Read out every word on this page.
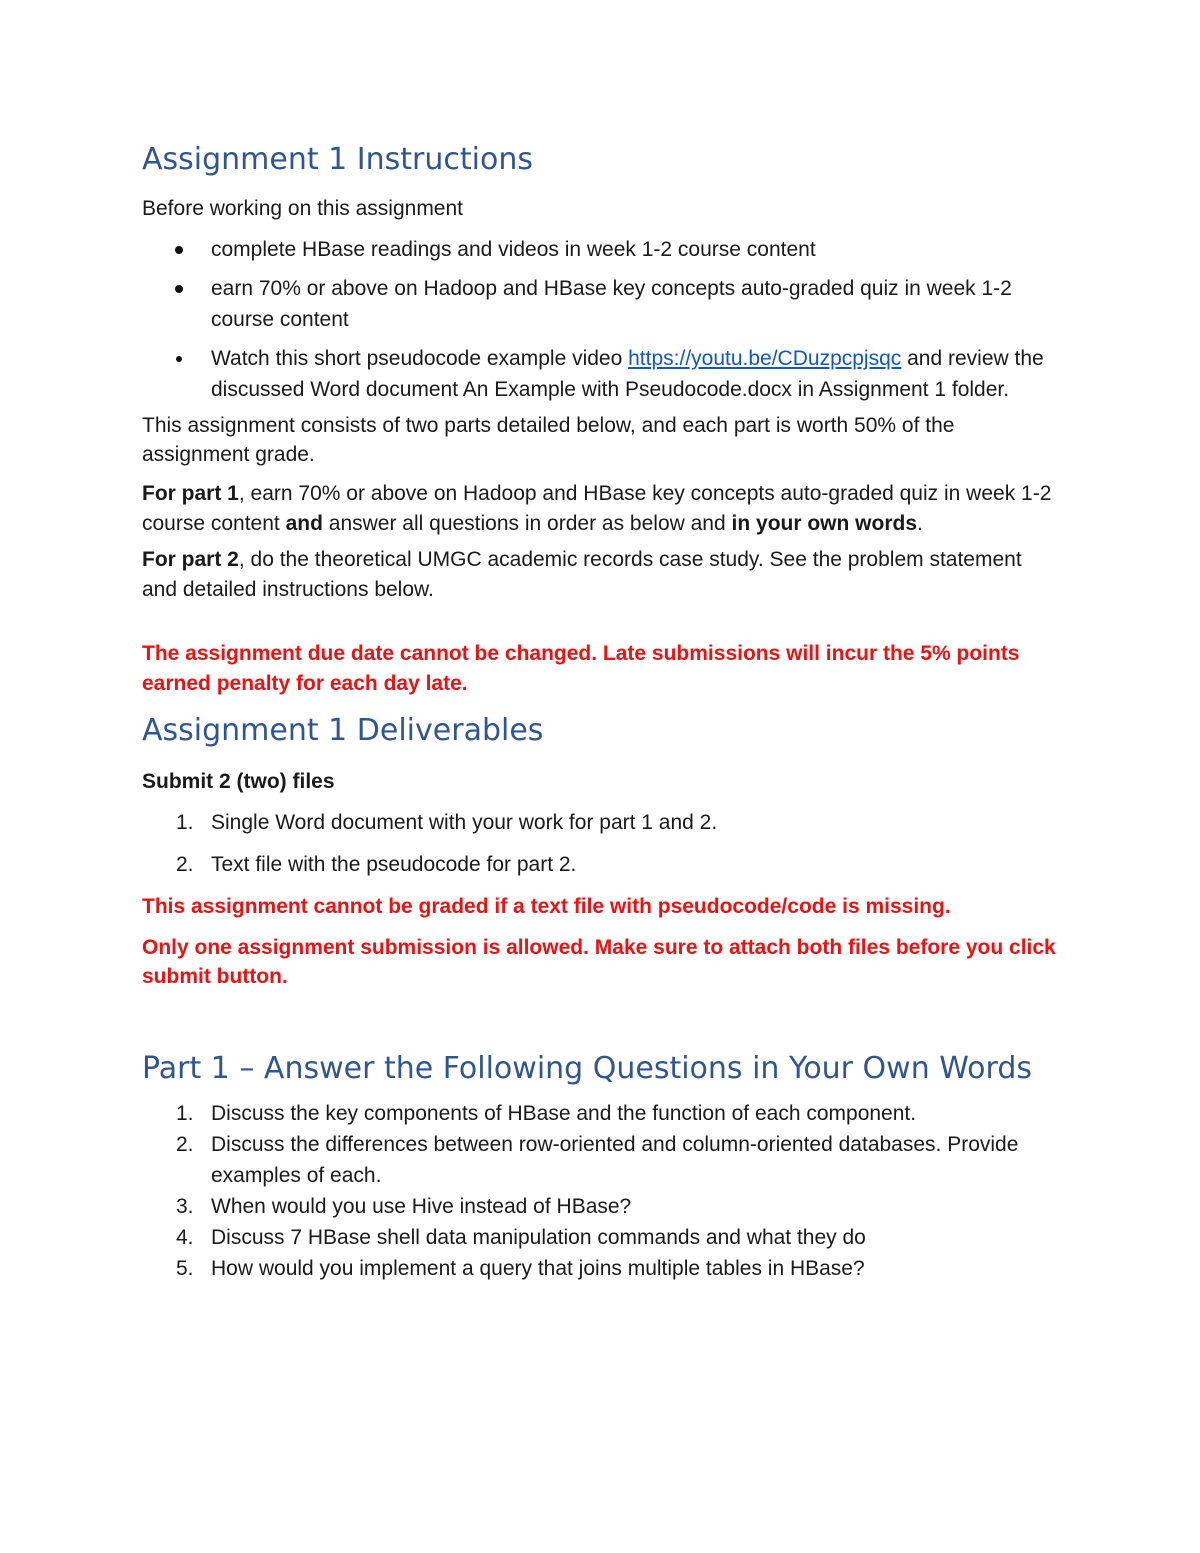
Assignment 1 Instructions

Before working on this assignment

complete HBase readings and videos in week 1-2 course content
earn 70% or above on Hadoop and HBase key concepts auto-graded quiz in week 1-2 course content
Watch this short pseudocode example video https://youtu.be/CDuzpcpjsqc and review the discussed Word document An Example with Pseudocode.docx in Assignment 1 folder.

This assignment consists of two parts detailed below, and each part is worth 50% of the assignment grade.

For part 1, earn 70% or above on Hadoop and HBase key concepts auto-graded quiz in week 1-2 course content and answer all questions in order as below and in your own words.

For part 2, do the theoretical UMGC academic records case study. See the problem statement and detailed instructions below.

The assignment due date cannot be changed. Late submissions will incur the 5% points earned penalty for each day late.

Assignment 1 Deliverables

Submit 2 (two) files

1. Single Word document with your work for part 1 and 2.
2. Text file with the pseudocode for part 2.

This assignment cannot be graded if a text file with pseudocode/code is missing.

Only one assignment submission is allowed. Make sure to attach both files before you click submit button.

Part 1 – Answer the Following Questions in Your Own Words
1. Discuss the key components of HBase and the function of each component.
2. Discuss the differences between row-oriented and column-oriented databases. Provide examples of each.
3. When would you use Hive instead of HBase?
4. Discuss 7 HBase shell data manipulation commands and what they do
5. How would you implement a query that joins multiple tables in HBase?
